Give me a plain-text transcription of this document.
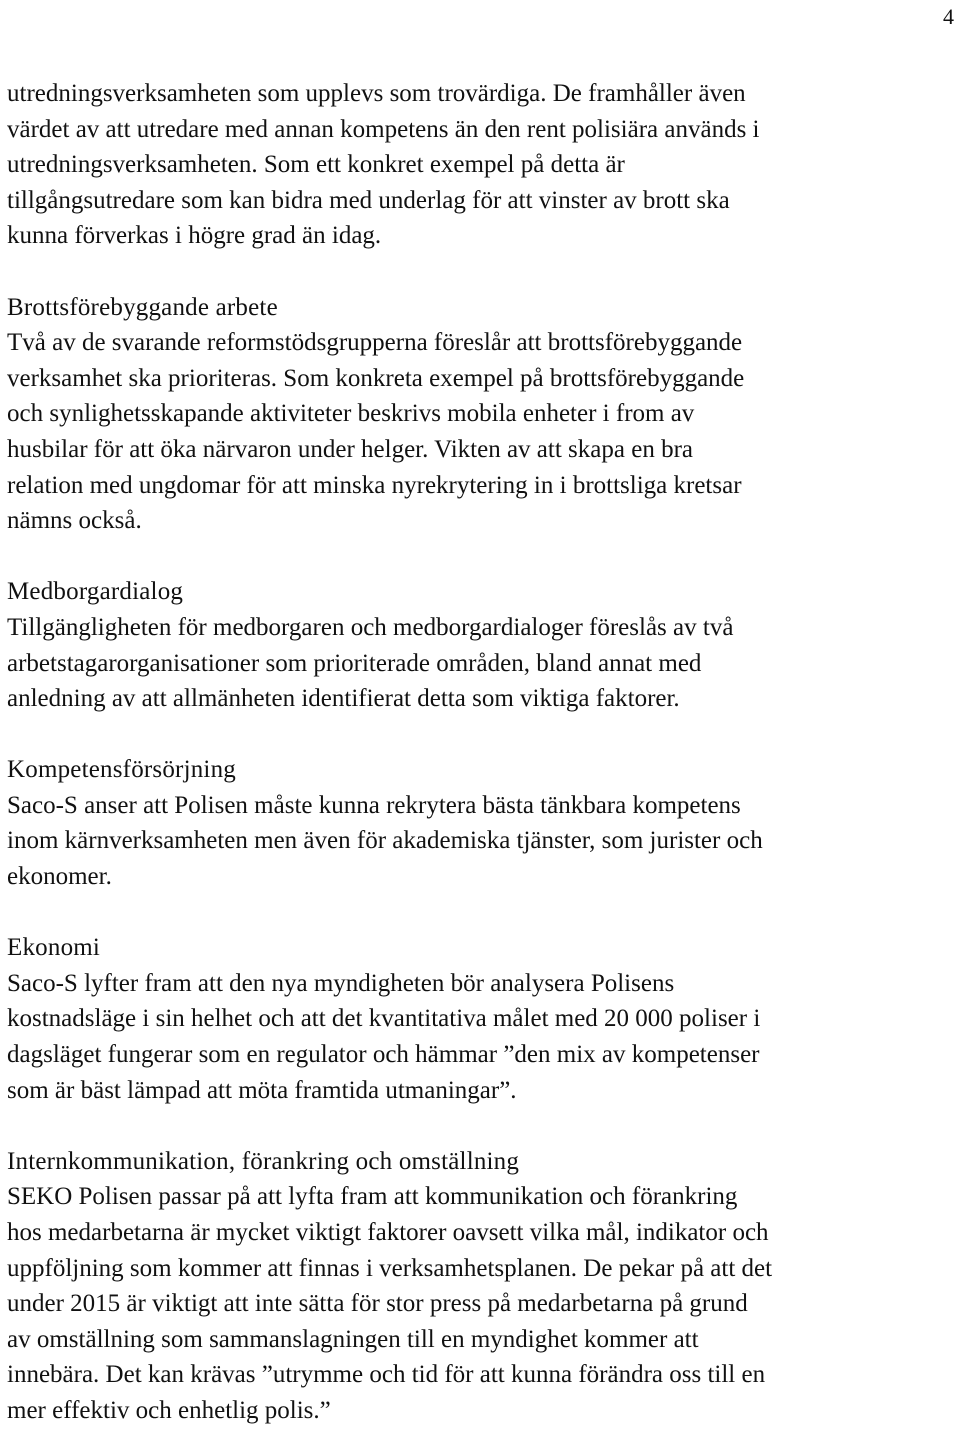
4

utredningsverksamheten som upplevs som trovärdiga. De framhåller även

värdet av att utredare med annan kompetens än den rent polisiära används i

utredningsverksamheten. Som ett konkret exempel på detta är

tillgångsutredare som kan bidra med underlag för att vinster av brott ska

kunna förverkas i högre grad än idag.

Brottsförebyggande arbete

Två av de svarande reformstödsgrupperna föreslår att brottsförebyggande

verksamhet ska prioriteras. Som konkreta exempel på brottsförebyggande

och synlighetsskapande aktiviteter beskrivs mobila enheter i from av

husbilar för att öka närvaron under helger. Vikten av att skapa en bra

relation med ungdomar för att minska nyrekrytering in i brottsliga kretsar

nämns också.

Medborgardialog

Tillgängligheten för medborgaren och medborgardialoger föreslås av två

arbetstagarorganisationer som prioriterade områden, bland annat med

anledning av att allmänheten identifierat detta som viktiga faktorer.

Kompetensförsörjning

Saco-S anser att Polisen måste kunna rekrytera bästa tänkbara kompetens

inom kärnverksamheten men även för akademiska tjänster, som jurister och

ekonomer.

Ekonomi

Saco-S lyfter fram att den nya myndigheten bör analysera Polisens

kostnadsläge i sin helhet och att det kvantitativa målet med 20 000 poliser i

dagsläget fungerar som en regulator och hämmar ”den mix av kompetenser

som är bäst lämpad att möta framtida utmaningar”.

Internkommunikation, förankring och omställning

SEKO Polisen passar på att lyfta fram att kommunikation och förankring

hos medarbetarna är mycket viktigt faktorer oavsett vilka mål, indikator och

uppföljning som kommer att finnas i verksamhetsplanen. De pekar på att det

under 2015 är viktigt att inte sätta för stor press på medarbetarna på grund

av omställning som sammanslagningen till en myndighet kommer att

innebära. Det kan krävas ”utrymme och tid för att kunna förändra oss till en

mer effektiv och enhetlig polis.”
